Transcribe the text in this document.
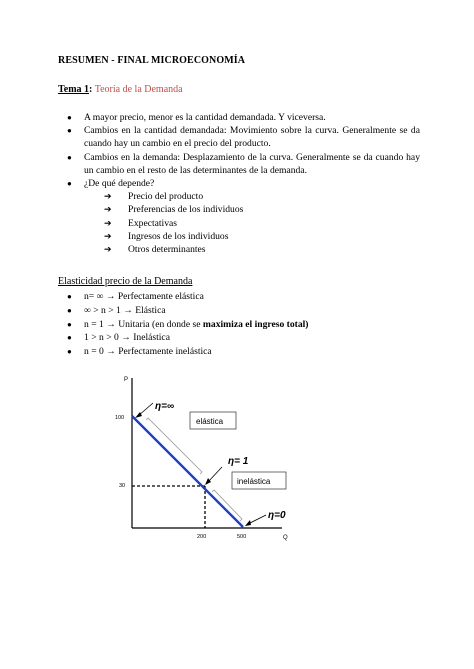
RESUMEN - FINAL MICROECONOMÍA
Tema 1: Teoría de la Demanda
● A mayor precio, menor es la cantidad demandada. Y viceversa.
● Cambios en la cantidad demandada: Movimiento sobre la curva. Generalmente se da cuando hay un cambio en el precio del producto.
● Cambios en la demanda: Desplazamiento de la curva. Generalmente se da cuando hay un cambio en el resto de las determinantes de la demanda.
● ¿De qué depende?
➔ Precio del producto
➔ Preferencias de los individuos
➔ Expectativas
➔ Ingresos de los individuos
➔ Otros determinantes
Elasticidad precio de la Demanda
● n= ∞ → Perfectamente elástica
● ∞ > n > 1 → Elástica
● n = 1 → Unitaria (en donde se maximiza el ingreso total)
● 1 > n > 0 → Inelástica
● n = 0 → Perfectamente inelástica
P
Q
100
30
200	500
η=∞
elástica
η= 1
inelástica
η=0
